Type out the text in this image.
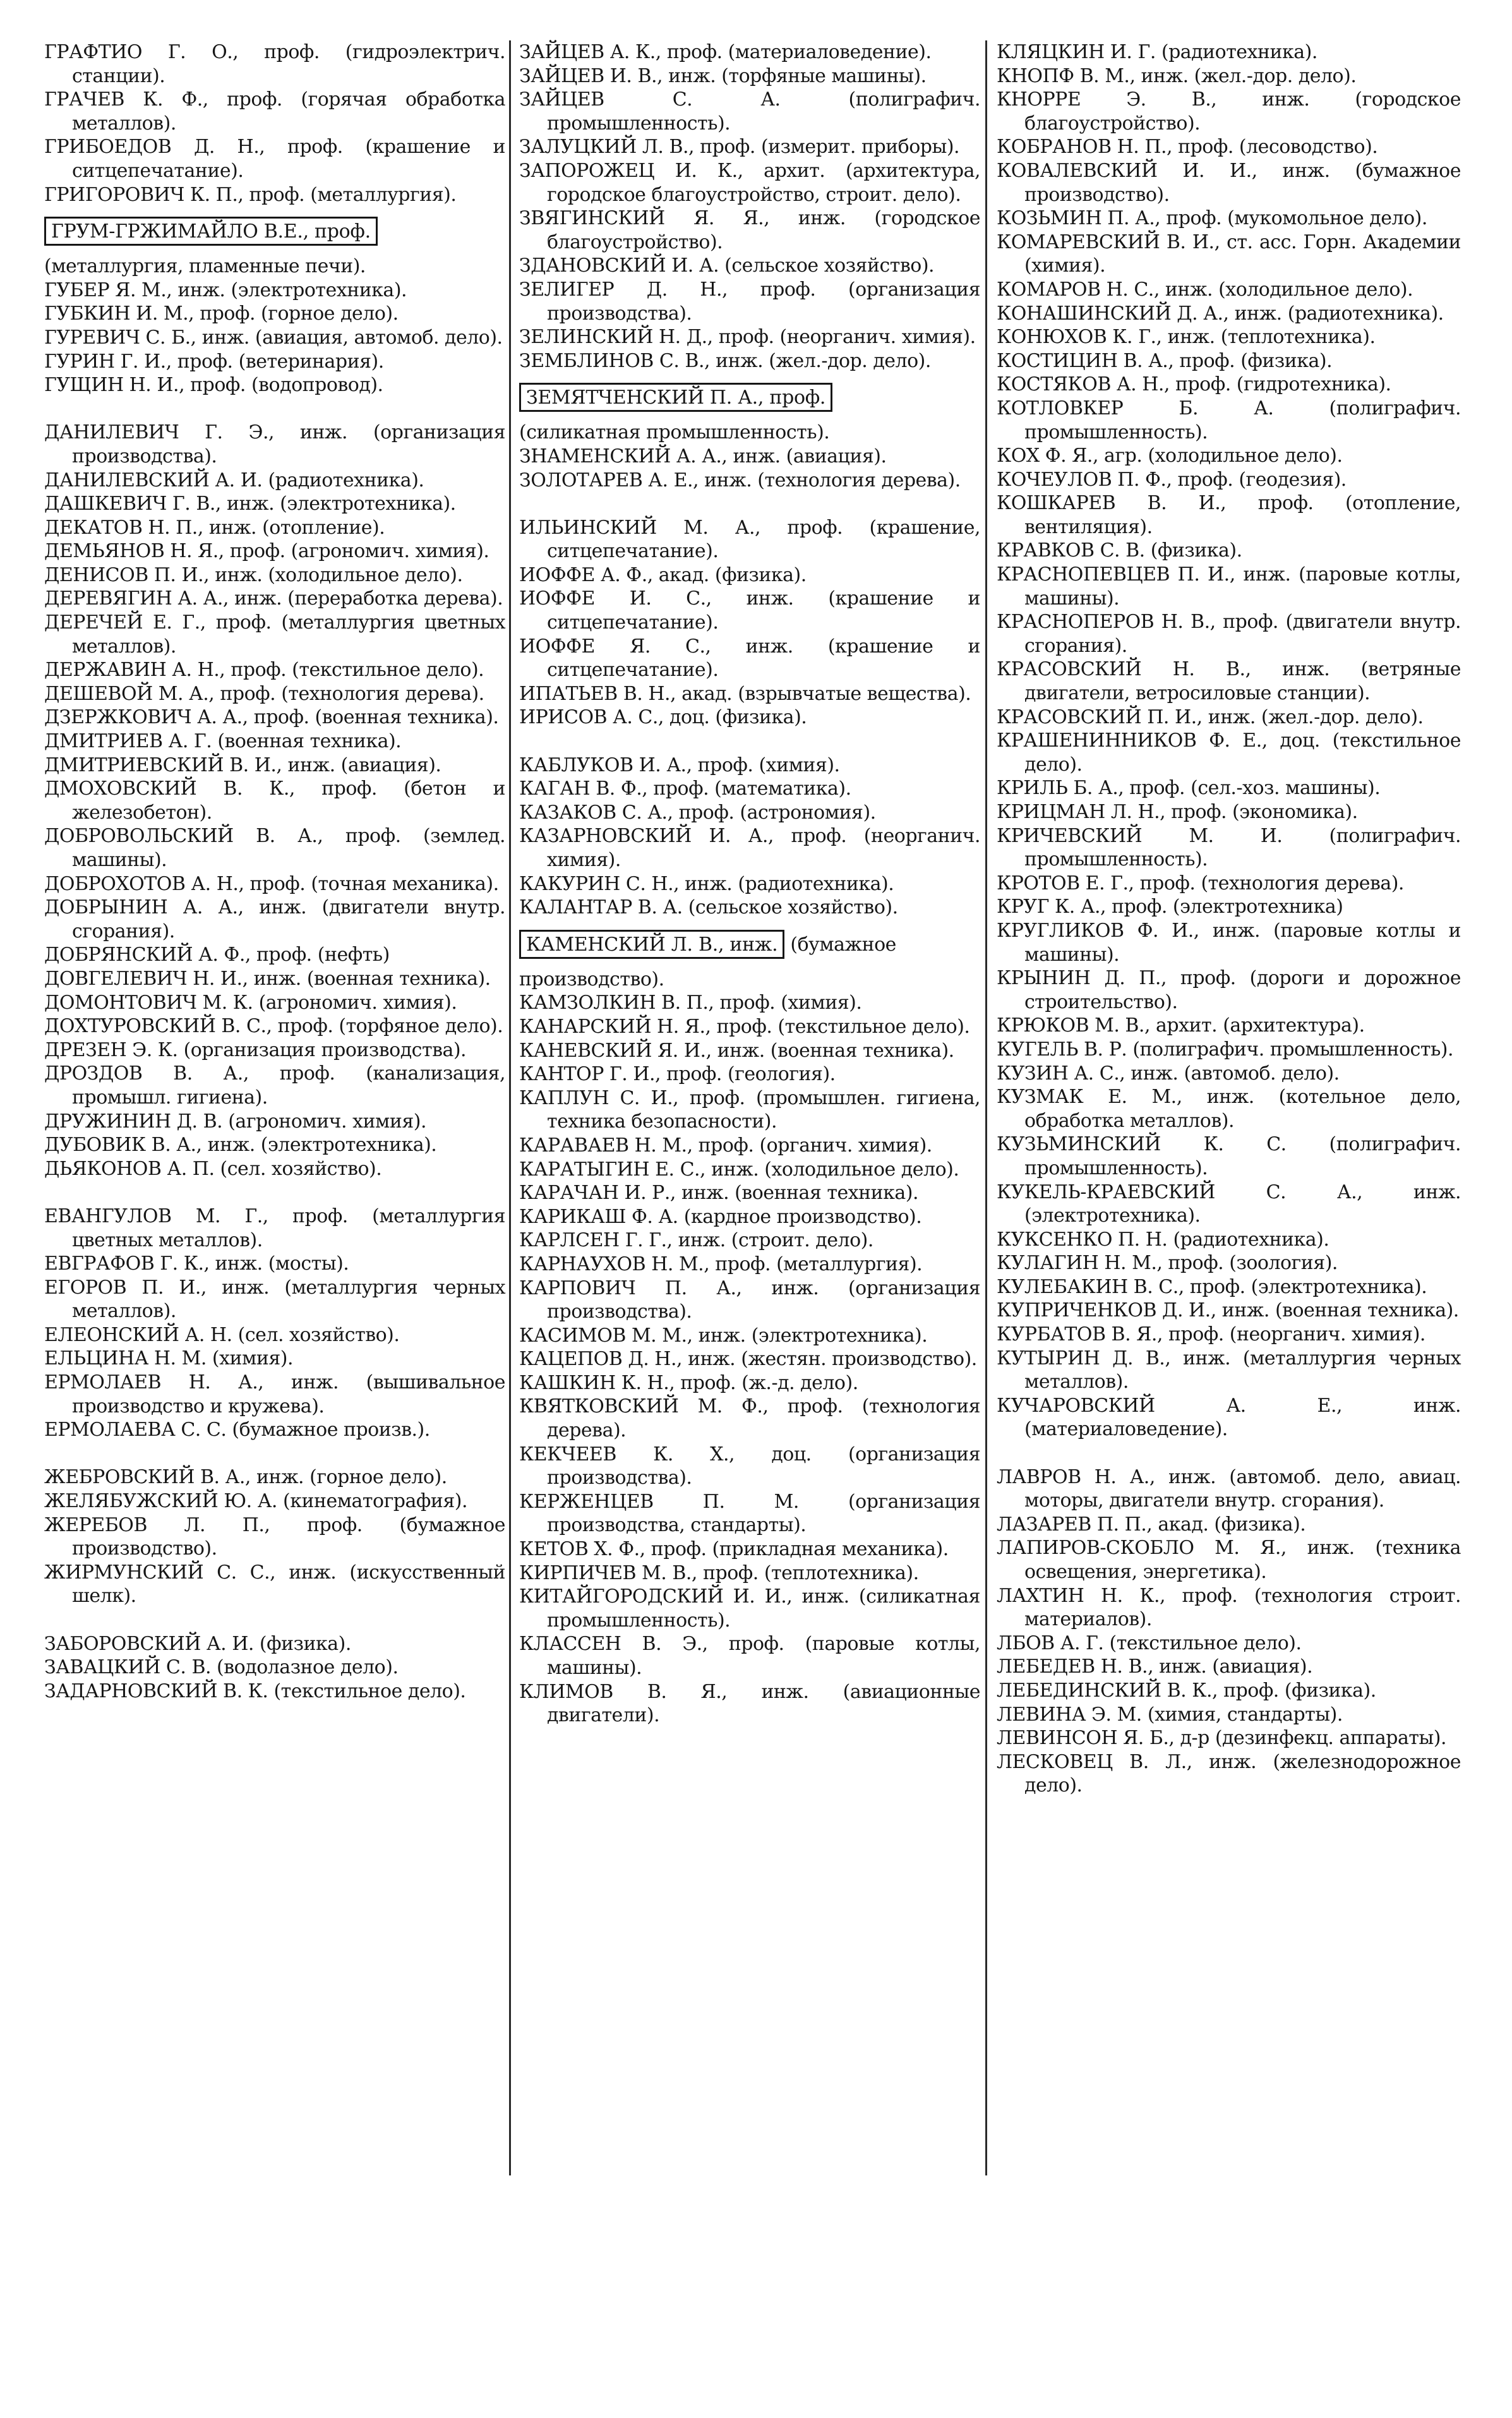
ГРАФТИО Г. О., проф. (гидроэлектрич. станции).

ГРАЧЕВ К. Ф., проф. (горячая обработка металлов).

ГРИБОЕДОВ Д. Н., проф. (крашение и ситцепечатание).

ГРИГОРОВИЧ К. П., проф. (металлургия).

ГРУМ-ГРЖИМАЙЛО В.Е., проф.

(металлургия, пламенные печи).

ГУБЕР Я. М., инж. (электротехника).

ГУБКИН И. М., проф. (горное дело).

ГУРЕВИЧ С. Б., инж. (авиация, автомоб. дело).

ГУРИН Г. И., проф. (ветеринария).

ГУЩИН Н. И., проф. (водопровод).

ДАНИЛЕВИЧ Г. Э., инж. (организация производства).

ДАНИЛЕВСКИЙ А. И. (радиотехника).

ДАШКЕВИЧ Г. В., инж. (электротехника).

ДЕКАТОВ Н. П., инж. (отопление).

ДЕМЬЯНОВ Н. Я., проф. (агрономич. химия).

ДЕНИСОВ П. И., инж. (холодильное дело).

ДЕРЕВЯГИН А. А., инж. (переработка дерева).

ДЕРЕЧЕЙ Е. Г., проф. (металлургия цветных металлов).

ДЕРЖАВИН А. Н., проф. (текстильное дело).

ДЕШЕВОЙ М. А., проф. (технология дерева).

ДЗЕРЖКОВИЧ А. А., проф. (военная техника).

ДМИТРИЕВ А. Г. (военная техника).

ДМИТРИЕВСКИЙ В. И., инж. (авиация).

ДМОХОВСКИЙ В. К., проф. (бетон и железобетон).

ДОБРОВОЛЬСКИЙ В. А., проф. (землед. машины).

ДОБРОХОТОВ А. Н., проф. (точная механика).

ДОБРЫНИН А. А., инж. (двигатели внутр. сгорания).

ДОБРЯНСКИЙ А. Ф., проф. (нефть)

ДОВГЕЛЕВИЧ Н. И., инж. (военная техника).

ДОМОНТОВИЧ М. К. (агрономич. химия).

ДОХТУРОВСКИЙ В. С., проф. (торфяное дело).

ДРЕЗЕН Э. К. (организация производства).

ДРОЗДОВ В. А., проф. (канализация, промышл. гигиена).

ДРУЖИНИН Д. В. (агрономич. химия).

ДУБОВИК В. А., инж. (электротехника).

ДЬЯКОНОВ А. П. (сел. хозяйство).

ЕВАНГУЛОВ М. Г., проф. (металлургия цветных металлов).

ЕВГРАФОВ Г. К., инж. (мосты).

ЕГОРОВ П. И., инж. (металлургия черных металлов).

ЕЛЕОНСКИЙ А. Н. (сел. хозяйство).

ЕЛЬЦИНА Н. М. (химия).

ЕРМОЛАЕВ Н. А., инж. (вышивальное производство и кружева).

ЕРМОЛАЕВА С. С. (бумажное произв.).

ЖЕБРОВСКИЙ В. А., инж. (горное дело).

ЖЕЛЯБУЖСКИЙ Ю. А. (кинематография).

ЖЕРЕБОВ Л. П., проф. (бумажное производство).

ЖИРМУНСКИЙ С. С., инж. (искусственный шелк).

ЗАБОРОВСКИЙ А. И. (физика).

ЗАВАЦКИЙ С. В. (водолазное дело).

ЗАДАРНОВСКИЙ В. К. (текстильное дело).

ЗАЙЦЕВ А. К., проф. (материаловедение).

ЗАЙЦЕВ И. В., инж. (торфяные машины).

ЗАЙЦЕВ С. А. (полиграфич. промышленность).

ЗАЛУЦКИЙ Л. В., проф. (измерит. приборы).

ЗАПОРОЖЕЦ И. К., архит. (архитектура, городское благоустройство, строит. дело).

ЗВЯГИНСКИЙ Я. Я., инж. (городское благоустройство).

ЗДАНОВСКИЙ И. А. (сельское хозяйство).

ЗЕЛИГЕР Д. Н., проф. (организация производства).

ЗЕЛИНСКИЙ Н. Д., проф. (неорганич. химия).

ЗЕМБЛИНОВ С. В., инж. (жел.-дор. дело).

ЗЕМЯТЧЕНСКИЙ П. А., проф.

(силикатная промышленность).

ЗНАМЕНСКИЙ А. А., инж. (авиация).

ЗОЛОТАРЕВ А. Е., инж. (технология дерева).

ИЛЬИНСКИЙ М. А., проф. (крашение, ситцепечатание).

ИОФФЕ А. Ф., акад. (физика).

ИОФФЕ И. С., инж. (крашение и ситцепечатание).

ИОФФЕ Я. С., инж. (крашение и ситцепечатание).

ИПАТЬЕВ В. Н., акад. (взрывчатые вещества).

ИРИСОВ А. С., доц. (физика).

КАБЛУКОВ И. А., проф. (химия).

КАГАН В. Ф., проф. (математика).

КАЗАКОВ С. А., проф. (астрономия).

КАЗАРНОВСКИЙ И. А., проф. (неорганич. химия).

КАКУРИН С. Н., инж. (радиотехника).

КАЛАНТАР В. А. (сельское хозяйство).

КАМЕНСКИЙ Л. В., инж. (бумажное производство).

КАМЗОЛКИН В. П., проф. (химия).

КАНАРСКИЙ Н. Я., проф. (текстильное дело).

КАНЕВСКИЙ Я. И., инж. (военная техника).

КАНТОР Г. И., проф. (геология).

КАПЛУН С. И., проф. (промышлен. гигиена, техника безопасности).

КАРАВАЕВ Н. М., проф. (органич. химия).

КАРАТЫГИН Е. С., инж. (холодильное дело).

КАРАЧАН И. Р., инж. (военная техника).

КАРИКАШ Ф. А. (кардное производство).

КАРЛСЕН Г. Г., инж. (строит. дело).

КАРНАУХОВ Н. М., проф. (металлургия).

КАРПОВИЧ П. А., инж. (организация производства).

КАСИМОВ М. М., инж. (электротехника).

КАЦЕПОВ Д. Н., инж. (жестян. производство).

КАШКИН К. Н., проф. (ж.-д. дело).

КВЯТКОВСКИЙ М. Ф., проф. (технология дерева).

КЕКЧЕЕВ К. Х., доц. (организация производства).

КЕРЖЕНЦЕВ П. М. (организация производства, стандарты).

КЕТОВ Х. Ф., проф. (прикладная механика).

КИРПИЧЕВ М. В., проф. (теплотехника).

КИТАЙГОРОДСКИЙ И. И., инж. (силикатная промышленность).

КЛАССЕН В. Э., проф. (паровые котлы, машины).

КЛИМОВ В. Я., инж. (авиационные двигатели).

КЛЯЦКИН И. Г. (радиотехника).

КНОПФ В. М., инж. (жел.-дор. дело).

КНОРРЕ Э. В., инж. (городское благоустройство).

КОБРАНОВ Н. П., проф. (лесоводство).

КОВАЛЕВСКИЙ И. И., инж. (бумажное производство).

КОЗЬМИН П. А., проф. (мукомольное дело).

КОМАРЕВСКИЙ В. И., ст. асс. Горн. Академии (химия).

КОМАРОВ Н. С., инж. (холодильное дело).

КОНАШИНСКИЙ Д. А., инж. (радиотехника).

КОНЮХОВ К. Г., инж. (теплотехника).

КОСТИЦИН В. А., проф. (физика).

КОСТЯКОВ А. Н., проф. (гидротехника).

КОТЛОВКЕР Б. А. (полиграфич. промышленность).

КОХ Ф. Я., агр. (холодильное дело).

КОЧЕУЛОВ П. Ф., проф. (геодезия).

КОШКАРЕВ В. И., проф. (отопление, вентиляция).

КРАВКОВ С. В. (физика).

КРАСНОПЕВЦЕВ П. И., инж. (паровые котлы, машины).

КРАСНОПЕРОВ Н. В., проф. (двигатели внутр. сгорания).

КРАСОВСКИЙ Н. В., инж. (ветряные двигатели, ветросиловые станции).

КРАСОВСКИЙ П. И., инж. (жел.-дор. дело).

КРАШЕНИННИКОВ Ф. Е., доц. (текстильное дело).

КРИЛЬ Б. А., проф. (сел.-хоз. машины).

КРИЦМАН Л. Н., проф. (экономика).

КРИЧЕВСКИЙ М. И. (полиграфич. промышленность).

КРОТОВ Е. Г., проф. (технология дерева).

КРУГ К. А., проф. (электротехника)

КРУГЛИКОВ Ф. И., инж. (паровые котлы и машины).

КРЫНИН Д. П., проф. (дороги и дорожное строительство).

КРЮКОВ М. В., архит. (архитектура).

КУГЕЛЬ В. Р. (полиграфич. промышленность).

КУЗИН А. С., инж. (автомоб. дело).

КУЗМАК Е. М., инж. (котельное дело, обработка металлов).

КУЗЬМИНСКИЙ К. С. (полиграфич. промышленность).

КУКЕЛЬ-КРАЕВСКИЙ С. А., инж. (электротехника).

КУКСЕНКО П. Н. (радиотехника).

КУЛАГИН Н. М., проф. (зоология).

КУЛЕБАКИН В. С., проф. (электротехника).

КУПРИЧЕНКОВ Д. И., инж. (военная техника).

КУРБАТОВ В. Я., проф. (неорганич. химия).

КУТЫРИН Д. В., инж. (металлургия черных металлов).

КУЧАРОВСКИЙ А. Е., инж. (материаловедение).

ЛАВРОВ Н. А., инж. (автомоб. дело, авиац. моторы, двигатели внутр. сгорания).

ЛАЗАРЕВ П. П., акад. (физика).

ЛАПИРОВ-СКОБЛО М. Я., инж. (техника освещения, энергетика).

ЛАХТИН Н. К., проф. (технология строит. материалов).

ЛБОВ А. Г. (текстильное дело).

ЛЕБЕДЕВ Н. В., инж. (авиация).

ЛЕБЕДИНСКИЙ В. К., проф. (физика).

ЛЕВИНА Э. М. (химия, стандарты).

ЛЕВИНСОН Я. Б., д-р (дезинфекц. аппараты).

ЛЕСКОВЕЦ В. Л., инж. (железнодорожное дело).
